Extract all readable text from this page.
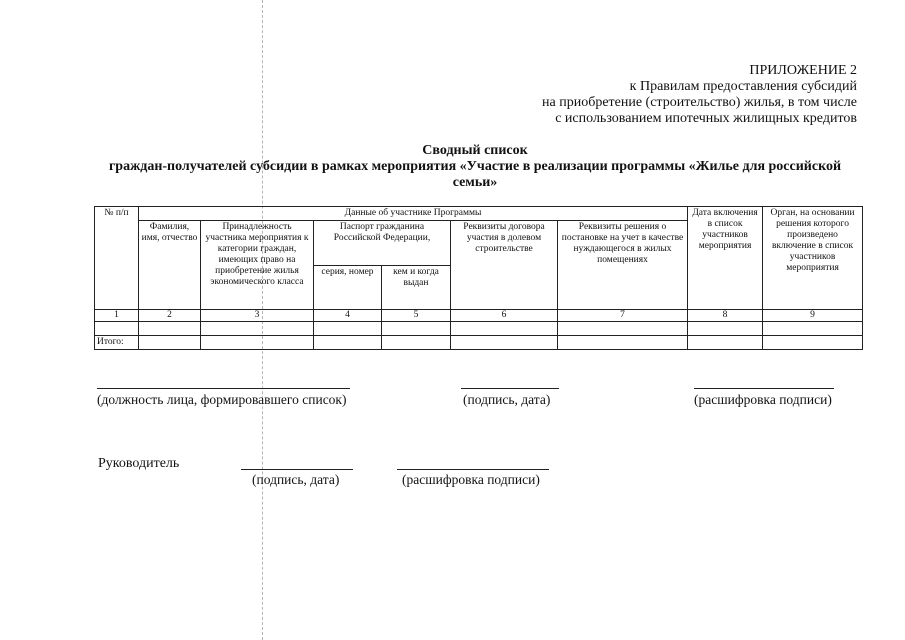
ПРИЛОЖЕНИЕ 2
к Правилам предоставления субсидий
на приобретение (строительство) жилья, в том числе
с использованием ипотечных жилищных кредитов
Сводный список
граждан-получателей субсидии в рамках мероприятия «Участие в реализации программы «Жилье для российской
семьи»
№ п/п	Данные об участнике Программы						Дата включения в список участников мероприятия	Орган, на основании решения которого произведено включение в список участников мероприятия
	Фамилия, имя, отчество	Принадлежность участника мероприятия к категории граждан, имеющих право на приобретение жилья экономического класса	Паспорт гражданина Российской Федерации,		Реквизиты договора участия в долевом строительстве	Реквизиты решения о постановке на учет в качестве нуждающегося в жилых помещениях		
			серия, номер	кем и когда выдан				
1	2	3	4	5	6	7	8	9

Итого:								
(должность лица, формировавшего список)	(подпись, дата)	(расшифровка подписи)
Руководитель
(подпись, дата)	(расшифровка подписи)
